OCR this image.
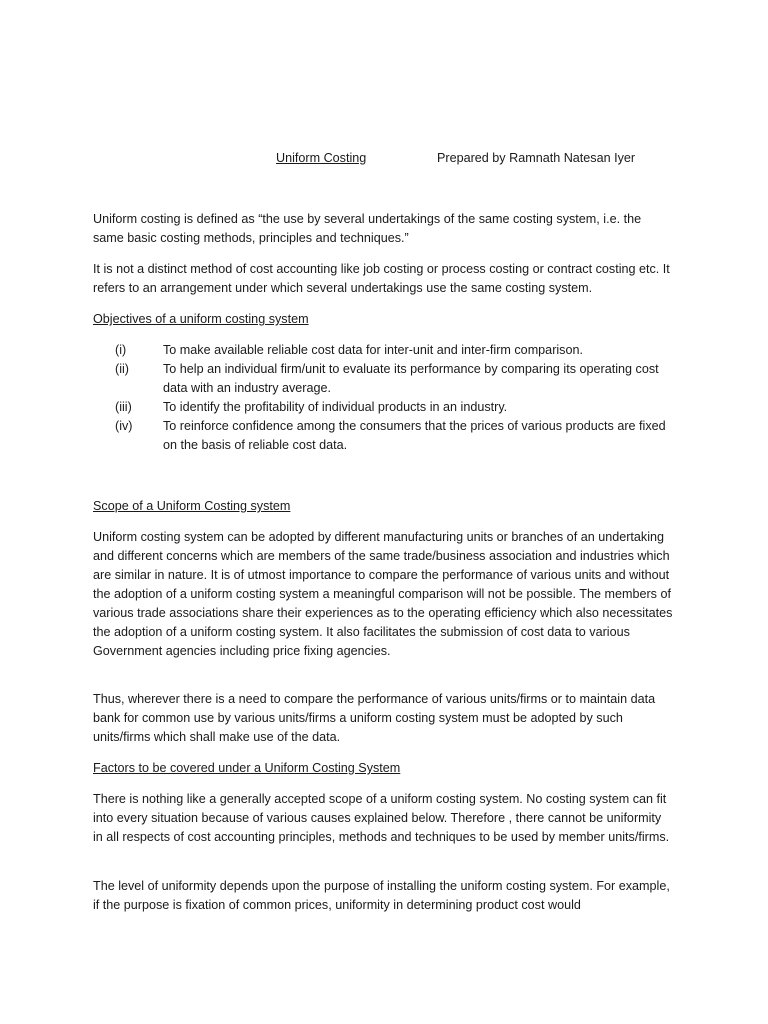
Uniform Costing	Prepared by Ramnath Natesan Iyer

Uniform costing is defined as “the use by several undertakings of the same costing system, i.e. the same basic costing methods, principles and techniques.”

It is not a distinct method of cost accounting like job costing or process costing or contract costing etc. It refers to an arrangement under which several undertakings use the same costing system.

Objectives of a uniform costing system

(i)	To make available reliable cost data for inter-unit and inter-firm comparison.
(ii)	To help an individual firm/unit to evaluate its performance by comparing its operating cost data with an industry average.
(iii) To identify the profitability of individual products in an industry.
(iv) To reinforce confidence among the consumers that the prices of various products are fixed on the basis of reliable cost data.

Scope of a Uniform Costing system

Uniform costing system can be adopted by different manufacturing units or branches of an undertaking and different concerns which are members of the same trade/business association and industries which are similar in nature. It is of utmost importance to compare the performance of various units and without the adoption of a uniform costing system a meaningful comparison will not be possible. The members of various trade associations share their experiences as to the operating efficiency which also necessitates the adoption of a uniform costing system. It also facilitates the submission of cost data to various Government agencies including price fixing agencies.

Thus, wherever there is a need to compare the performance of various units/firms or to maintain data bank for common use by various units/firms a uniform costing system must be adopted by such units/firms which shall make use of the data.

Factors to be covered under a Uniform Costing System

There is nothing like a generally accepted scope of a uniform costing system. No costing system can fit into every situation because of various causes explained below. Therefore , there cannot be uniformity in all respects of cost accounting principles, methods and techniques to be used by member units/firms.

The level of uniformity depends upon the purpose of installing the uniform costing system. For example, if the purpose is fixation of common prices, uniformity in determining product cost would
